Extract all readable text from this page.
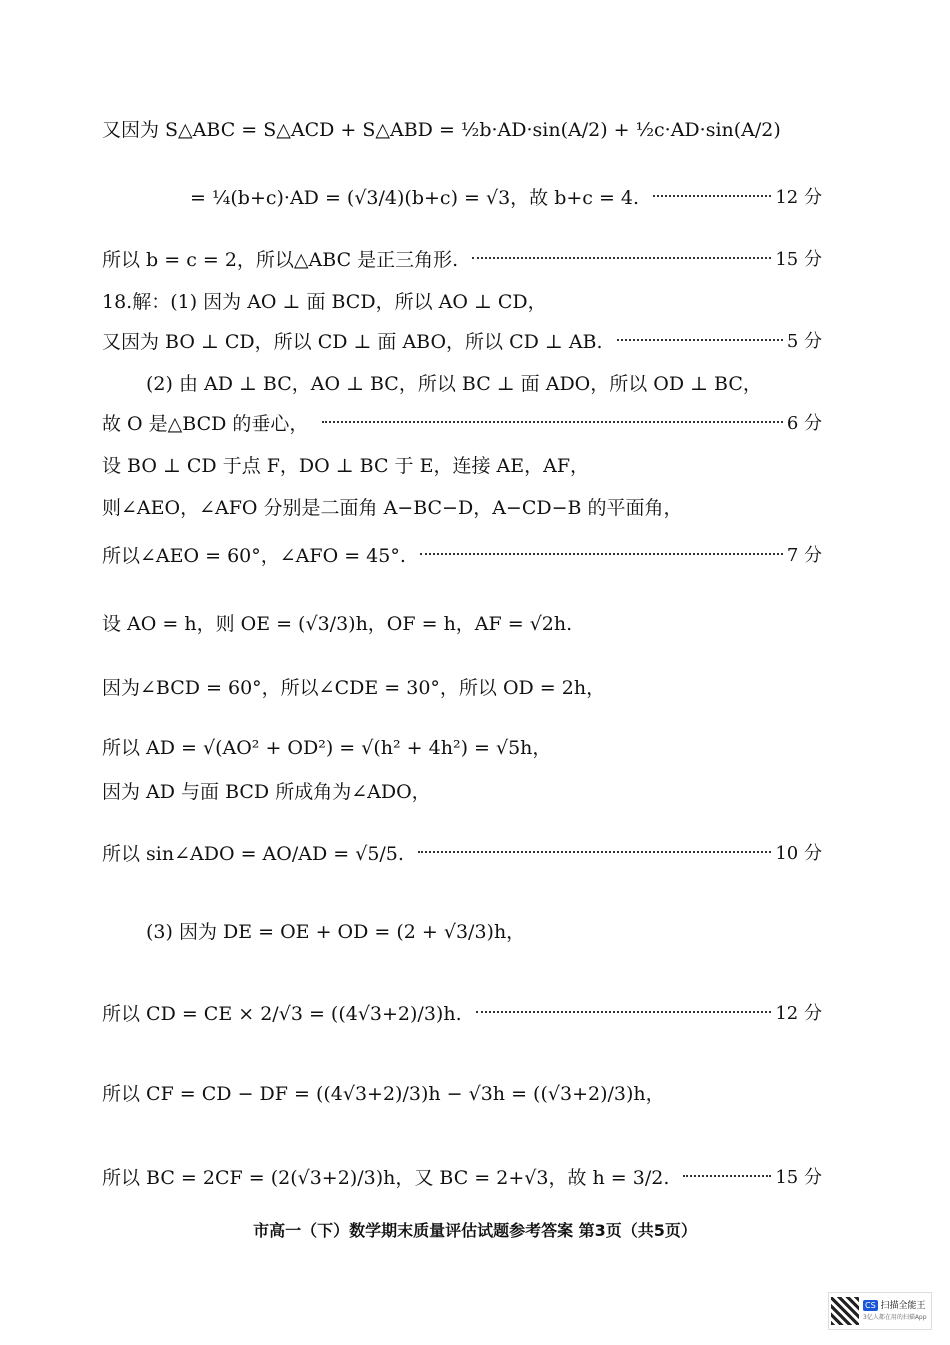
又因为 S△ABC = S△ACD + S△ABD = ½b·AD·sin(A/2) + ½c·AD·sin(A/2)
= ¼(b+c)·AD = (√3/4)(b+c) = √3，故 b+c = 4.	12 分
所以 b = c = 2，所以△ABC 是正三角形.	15 分
18.解：(1) 因为 AO ⊥ 面 BCD，所以 AO ⊥ CD，
又因为 BO ⊥ CD，所以 CD ⊥ 面 ABO，所以 CD ⊥ AB.	5 分
(2) 由 AD ⊥ BC，AO ⊥ BC，所以 BC ⊥ 面 ADO，所以 OD ⊥ BC，
故 O 是△BCD 的垂心，	6 分
设 BO ⊥ CD 于点 F，DO ⊥ BC 于 E，连接 AE，AF，
则∠AEO，∠AFO 分别是二面角 A−BC−D，A−CD−B 的平面角，
所以∠AEO = 60°，∠AFO = 45°.	7 分
设 AO = h，则 OE = (√3/3)h，OF = h，AF = √2h.
因为∠BCD = 60°，所以∠CDE = 30°，所以 OD = 2h，
所以 AD = √(AO² + OD²) = √(h² + 4h²) = √5h，
因为 AD 与面 BCD 所成角为∠ADO，
所以 sin∠ADO = AO/AD = √5/5.	10 分
(3) 因为 DE = OE + OD = (2 + √3/3)h，
所以 CD = CE × 2/√3 = ((4√3+2)/3)h.	12 分
所以 CF = CD − DF = ((4√3+2)/3)h − √3h = ((√3+2)/3)h，
所以 BC = 2CF = (2(√3+2)/3)h，又 BC = 2+√3，故 h = 3/2.	15 分
市高一（下）数学期末质量评估试题参考答案 第3页（共5页）
CS 扫描全能王
3亿人都在用的扫描App
